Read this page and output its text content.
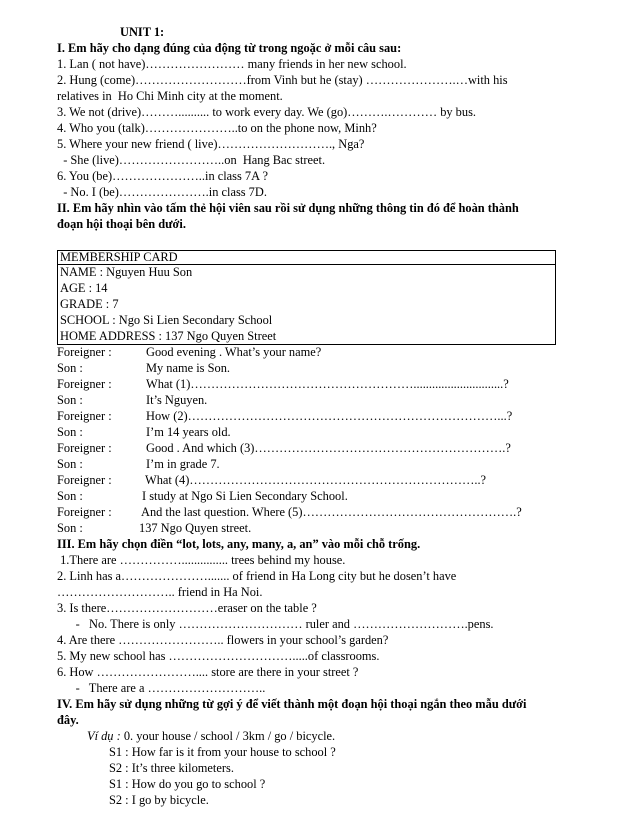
UNIT 1:
I. Em hãy cho dạng đúng của động từ trong ngoặc ở mỗi câu sau:
1. Lan ( not have)…………………… many friends in her new school.
2. Hung (come)………………………from Vinh but he (stay) ………………….…with his
relatives in  Ho Chi Minh city at the moment.
3. We not (drive)……….......... to work every day. We (go)……….………… by bus.
4. Who you (talk)…………………..to on the phone now, Minh?
5. Where your new friend ( live)………………………., Nga?
- She (live)……………………..on  Hang Bac street.
6. You (be)…………………..in class 7A ?
- No. I (be)………………….in class 7D.
II. Em hãy nhìn vào tấm thẻ hội viên sau rồi sử dụng những thông tin đó để hoàn thành
đoạn hội thoại bên dưới.
MEMBERSHIP CARD
NAME : Nguyen Huu Son
AGE : 14
GRADE : 7
SCHOOL : Ngo Si Lien Secondary School
HOME ADDRESS : 137 Ngo Quyen Street
Foreigner :	Good evening . What’s your name?
Son :	My name is Son.
Foreigner :	What (1)……………………………………………….............................?
Son :	It’s Nguyen.
Foreigner :	How (2)…………………………………………………………………...?
Son :	I’m 14 years old.
Foreigner :	Good . And which (3)…………………………………………………….?
Son :	I’m in grade 7.
Foreigner :	What (4)……………………………………………………………..?
Son :	I study at Ngo Si Lien Secondary School.
Foreigner : And the last question. Where (5)…………………………………………….?
Son :	137 Ngo Quyen street.
III. Em hãy chọn điền “lot, lots, any, many, a, an” vào mỗi chỗ trống.
1.There are ……………............... trees behind my house.
2. Linh has a…………………....... of friend in Ha Long city but he dosen’t have
……………………….. friend in Ha Noi.
3. Is there………………………eraser on the table ?
-   No. There is only ………………………… ruler and ……………………….pens.
4. Are there …………………….. flowers in your school’s garden?
5. My new school has ………………………….....of classrooms.
6. How …………………….... store are there in your street ?
-   There are a ………………………..
IV. Em hãy sử dụng những từ gợi ý để viết thành một đoạn hội thoại ngắn theo mẫu dưới
đây.
Ví dụ : 0. your house / school / 3km / go / bicycle.
S1 : How far is it from your house to school ?
S2 : It’s three kilometers.
S1 : How do you go to school ?
S2 : I go by bicycle.
